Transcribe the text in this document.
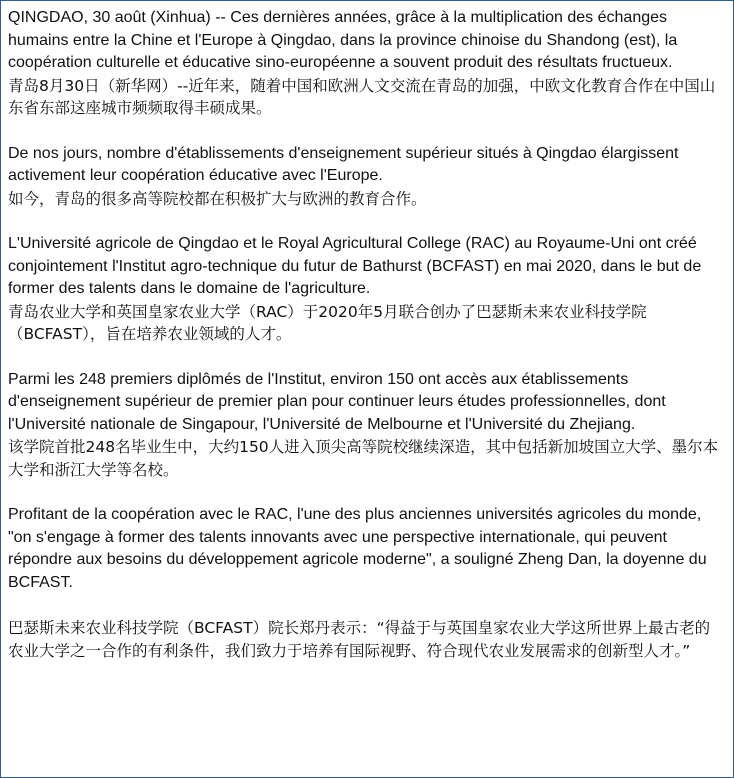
QINGDAO, 30 août (Xinhua) -- Ces dernières années, grâce à la multiplication des échanges humains entre la Chine et l'Europe à Qingdao, dans la province chinoise du Shandong (est), la coopération culturelle et éducative sino-européenne a souvent produit des résultats fructueux.
青岛8月30日（新华网）--近年来，随着中国和欧洲人文交流在青岛的加强，中欧文化教育合作在中国山东省东部这座城市频频取得丰硕成果。
De nos jours, nombre d'établissements d'enseignement supérieur situés à Qingdao élargissent activement leur coopération éducative avec l'Europe.
如今，青岛的很多高等院校都在积极扩大与欧洲的教育合作。
L'Université agricole de Qingdao et le Royal Agricultural College (RAC) au Royaume-Uni ont créé conjointement l'Institut agro-technique du futur de Bathurst (BCFAST) en mai 2020, dans le but de former des talents dans le domaine de l'agriculture.
青岛农业大学和英国皇家农业大学（RAC）于2020年5月联合创办了巴瑟斯未来农业科技学院（BCFAST），旨在培养农业领域的人才。
Parmi les 248 premiers diplômés de l'Institut, environ 150 ont accès aux établissements d'enseignement supérieur de premier plan pour continuer leurs études professionnelles, dont l'Université nationale de Singapour, l'Université de Melbourne et l'Université du Zhejiang.
该学院首批248名毕业生中，大约150人进入顶尖高等院校继续深造，其中包括新加坡国立大学、墨尔本大学和浙江大学等名校。
Profitant de la coopération avec le RAC, l'une des plus anciennes universités agricoles du monde, "on s'engage à former des talents innovants avec une perspective internationale, qui peuvent répondre aux besoins du développement agricole moderne", a souligné Zheng Dan, la doyenne du BCFAST.
巴瑟斯未来农业科技学院（BCFAST）院长郑丹表示：“得益于与英国皇家农业大学这所世界上最古老的农业大学之一合作的有利条件，我们致力于培养有国际视野、符合现代农业发展需求的创新型人才。”
